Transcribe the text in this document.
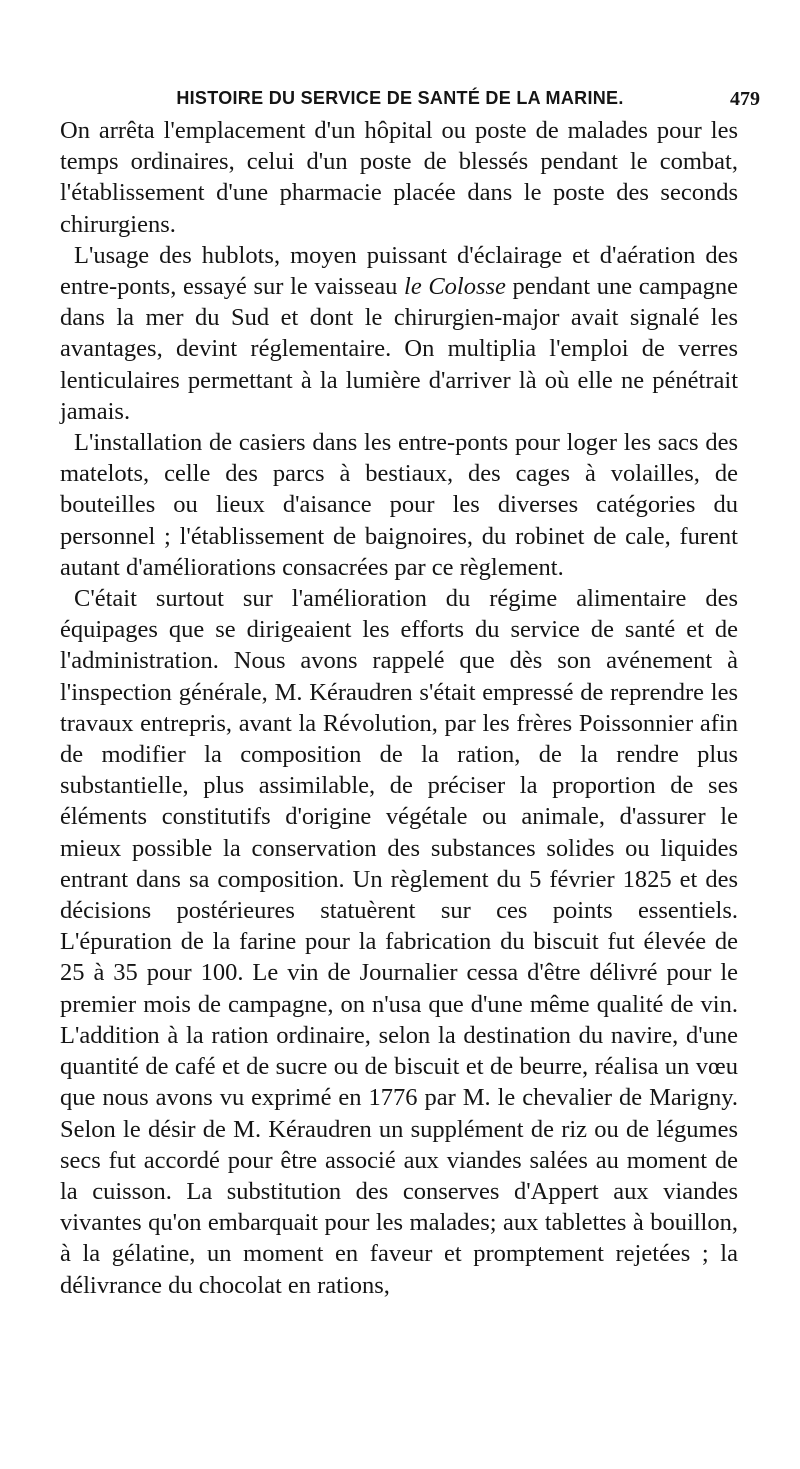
HISTOIRE DU SERVICE DE SANTÉ DE LA MARINE.	479

On arrêta l'emplacement d'un hôpital ou poste de malades pour les temps ordinaires, celui d'un poste de blessés pendant le combat, l'établissement d'une pharmacie placée dans le poste des seconds chirurgiens.

L'usage des hublots, moyen puissant d'éclairage et d'aération des entre-ponts, essayé sur le vaisseau le Colosse pendant une campagne dans la mer du Sud et dont le chirurgien-major avait signalé les avantages, devint réglementaire. On multiplia l'emploi de verres lenticulaires permettant à la lumière d'arriver là où elle ne pénétrait jamais.

L'installation de casiers dans les entre-ponts pour loger les sacs des matelots, celle des parcs à bestiaux, des cages à volailles, de bouteilles ou lieux d'aisance pour les diverses catégories du personnel ; l'établissement de baignoires, du robinet de cale, furent autant d'améliorations consacrées par ce règlement.

C'était surtout sur l'amélioration du régime alimentaire des équipages que se dirigeaient les efforts du service de santé et de l'administration. Nous avons rappelé que dès son avénement à l'inspection générale, M. Kéraudren s'était empressé de reprendre les travaux entrepris, avant la Révolution, par les frères Poissonnier afin de modifier la composition de la ration, de la rendre plus substantielle, plus assimilable, de préciser la proportion de ses éléments constitutifs d'origine végétale ou animale, d'assurer le mieux possible la conservation des substances solides ou liquides entrant dans sa composition. Un règlement du 5 février 1825 et des décisions postérieures statuèrent sur ces points essentiels. L'épuration de la farine pour la fabrication du biscuit fut élevée de 25 à 35 pour 100. Le vin de Journalier cessa d'être délivré pour le premier mois de campagne, on n'usa que d'une même qualité de vin. L'addition à la ration ordinaire, selon la destination du navire, d'une quantité de café et de sucre ou de biscuit et de beurre, réalisa un vœu que nous avons vu exprimé en 1776 par M. le chevalier de Marigny. Selon le désir de M. Kéraudren un supplément de riz ou de légumes secs fut accordé pour être associé aux viandes salées au moment de la cuisson. La substitution des conserves d'Appert aux viandes vivantes qu'on embarquait pour les malades; aux tablettes à bouillon, à la gélatine, un moment en faveur et promptement rejetées ; la délivrance du chocolat en rations,
